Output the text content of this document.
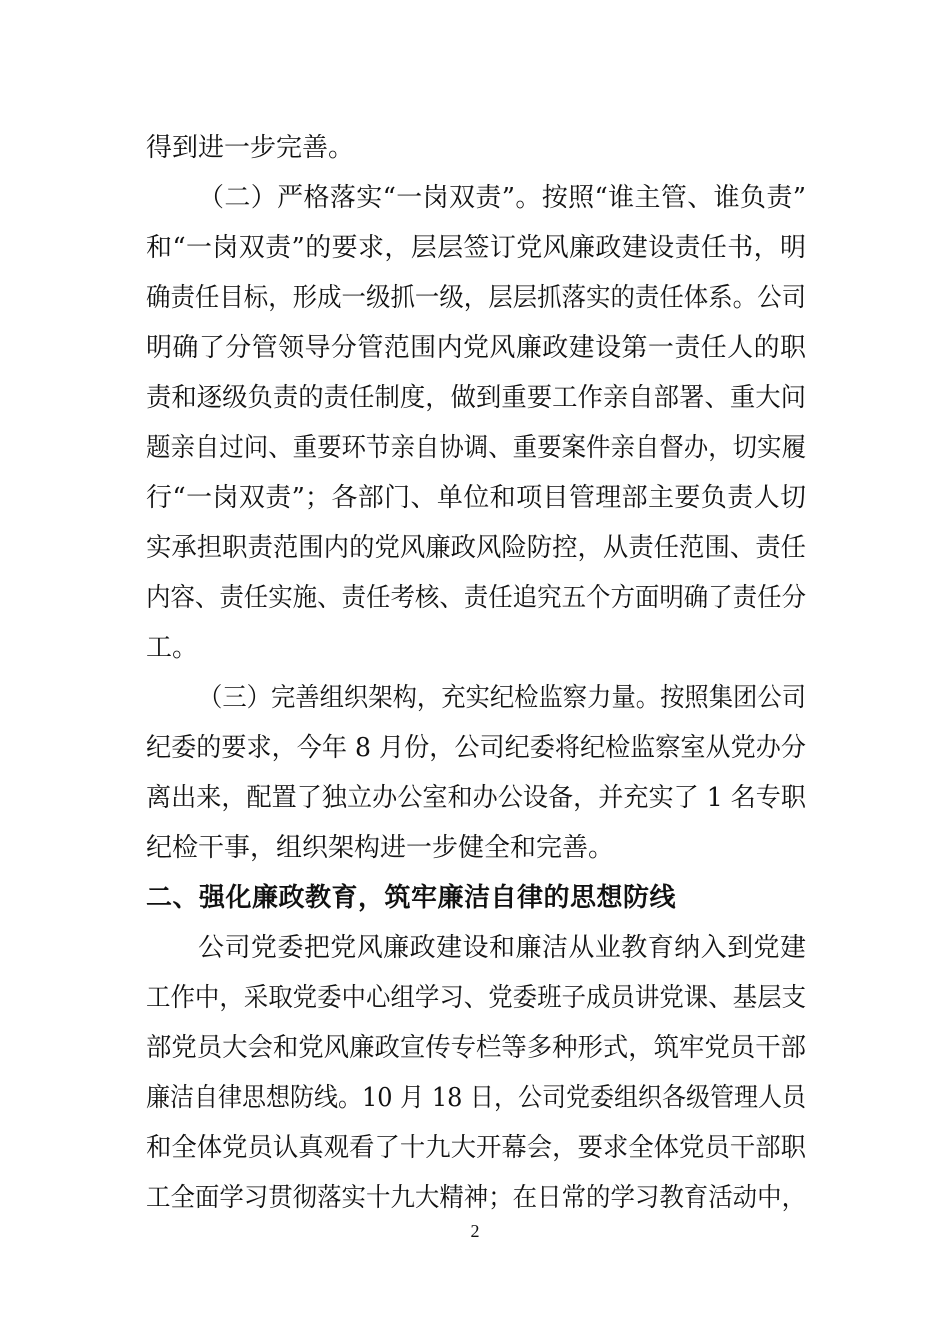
得到进一步完善。
（二）严格落实“一岗双责”。按照“谁主管、谁负责”
和“一岗双责”的要求，层层签订党风廉政建设责任书，明
确责任目标，形成一级抓一级，层层抓落实的责任体系。公司
明确了分管领导分管范围内党风廉政建设第一责任人的职
责和逐级负责的责任制度，做到重要工作亲自部署、重大问
题亲自过问、重要环节亲自协调、重要案件亲自督办，切实履
行“一岗双责”；各部门、单位和项目管理部主要负责人切
实承担职责范围内的党风廉政风险防控，从责任范围、责任
内容、责任实施、责任考核、责任追究五个方面明确了责任分
工。
（三）完善组织架构，充实纪检监察力量。按照集团公司
纪委的要求，今年 8 月份，公司纪委将纪检监察室从党办分
离出来，配置了独立办公室和办公设备，并充实了 1 名专职
纪检干事，组织架构进一步健全和完善。
二、强化廉政教育，筑牢廉洁自律的思想防线
公司党委把党风廉政建设和廉洁从业教育纳入到党建
工作中，采取党委中心组学习、党委班子成员讲党课、基层支
部党员大会和党风廉政宣传专栏等多种形式，筑牢党员干部
廉洁自律思想防线。10 月 18 日，公司党委组织各级管理人员
和全体党员认真观看了十九大开幕会，要求全体党员干部职
工全面学习贯彻落实十九大精神；在日常的学习教育活动中，
2
